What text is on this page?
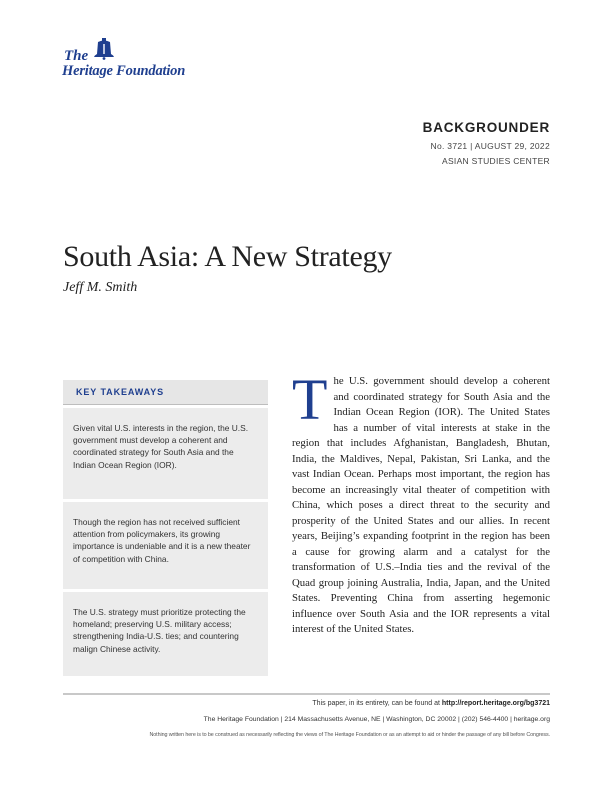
The
Heritage Foundation
BACKGROUNDER
No. 3721 | AUGUST 29, 2022
ASIAN STUDIES CENTER
South Asia: A New Strategy
Jeff M. Smith
KEY TAKEAWAYS
Given vital U.S. interests in the region, the U.S. government must develop a coherent and coordinated strategy for South Asia and the Indian Ocean Region (IOR).
Though the region has not received sufficient attention from policymakers, its growing importance is undeniable and it is a new theater of competition with China.
The U.S. strategy must prioritize protecting the homeland; preserving U.S. military access; strengthening India-U.S. ties; and countering malign Chinese activity.
The U.S. government should develop a coherent and coordinated strategy for South Asia and the Indian Ocean Region (IOR). The United States has a number of vital interests at stake in the region that includes Afghanistan, Bangladesh, Bhutan, India, the Maldives, Nepal, Pakistan, Sri Lanka, and the vast Indian Ocean. Perhaps most important, the region has become an increasingly vital theater of competition with China, which poses a direct threat to the security and prosperity of the United States and our allies. In recent years, Beijing’s expanding footprint in the region has been a cause for growing alarm and a catalyst for the transformation of U.S.–India ties and the revival of the Quad group joining Australia, India, Japan, and the United States. Preventing China from asserting hegemonic influence over South Asia and the IOR represents a vital interest of the United States.
This paper, in its entirety, can be found at http://report.heritage.org/bg3721
The Heritage Foundation | 214 Massachusetts Avenue, NE | Washington, DC 20002 | (202) 546-4400 | heritage.org
Nothing written here is to be construed as necessarily reflecting the views of The Heritage Foundation or as an attempt to aid or hinder the passage of any bill before Congress.
